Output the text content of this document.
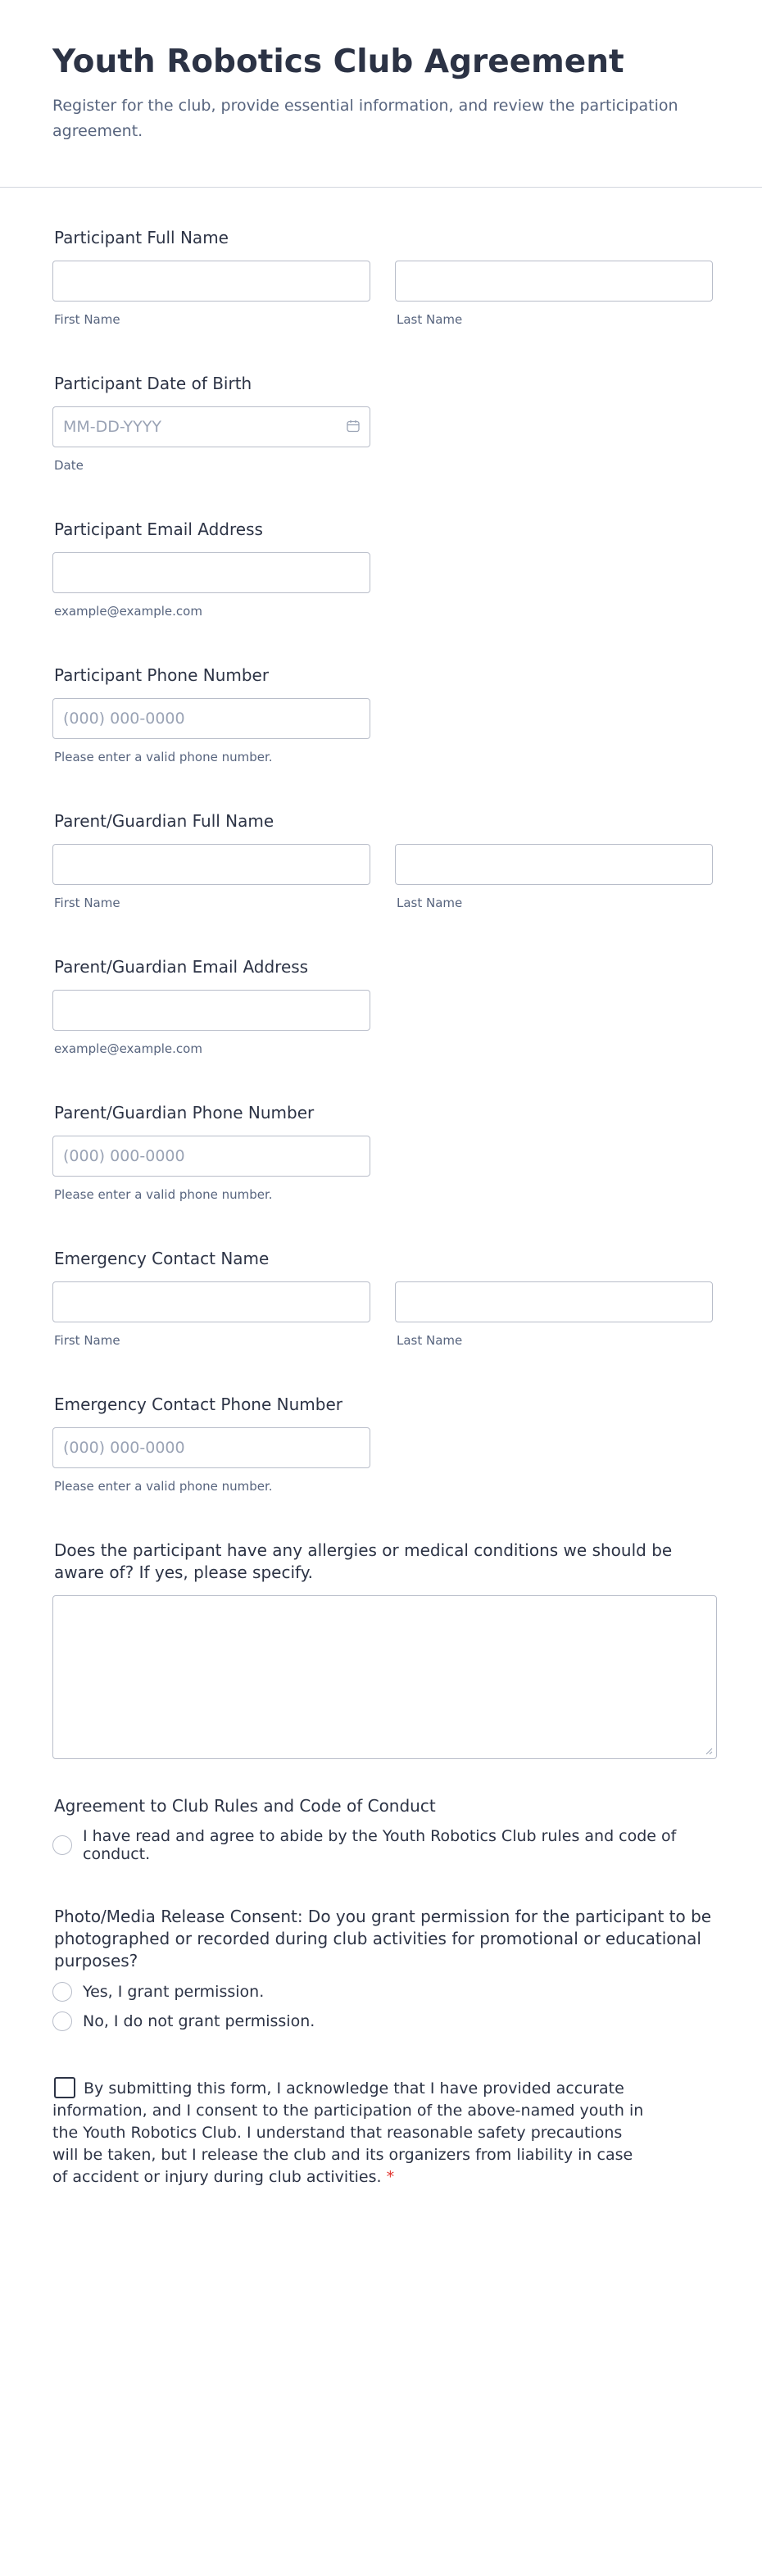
Youth Robotics Club Agreement

Register for the club, provide essential information, and review the participation agreement.

Participant Full Name
First Name	Last Name
Participant Date of Birth
MM-DD-YYYY
Date
Participant Email Address
example@example.com
Participant Phone Number
(000) 000-0000
Please enter a valid phone number.
Parent/Guardian Full Name
First Name	Last Name
Parent/Guardian Email Address
example@example.com
Parent/Guardian Phone Number
(000) 000-0000
Please enter a valid phone number.
Emergency Contact Name
First Name	Last Name
Emergency Contact Phone Number
(000) 000-0000
Please enter a valid phone number.
Does the participant have any allergies or medical conditions we should be aware of? If yes, please specify.
Agreement to Club Rules and Code of Conduct
I have read and agree to abide by the Youth Robotics Club rules and code of conduct.
Photo/Media Release Consent: Do you grant permission for the participant to be photographed or recorded during club activities for promotional or educational purposes?
Yes, I grant permission.
No, I do not grant permission.
By submitting this form, I acknowledge that I have provided accurate information, and I consent to the participation of the above-named youth in the Youth Robotics Club. I understand that reasonable safety precautions will be taken, but I release the club and its organizers from liability in case of accident or injury during club activities. *
